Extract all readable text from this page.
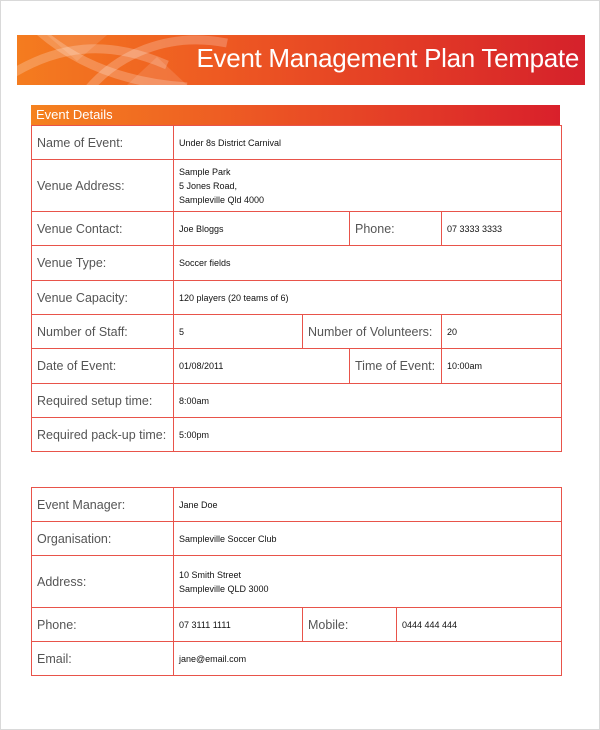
Event Management Plan Tempate
Event Details
Name of Event:	Under 8s District Carnival			
Venue Address:	Sample Park
5 Jones Road,
Sampleville Qld 4000			

Venue Contact:	Joe Bloggs		Phone:	07 3333 3333
Venue Type:	Soccer fields			
Venue Capacity:	120 players (20 teams of 6)			
Number of Staff:	5	Number of Volunteers:		20
Date of Event:	01/08/2011		Time of Event:	10:00am
Required setup time:	8:00am			
Required pack-up time:	5:00pm			
Event Manager:	Jane Doe		
Organisation:	Sampleville Soccer Club		
Address:	10 Smith Street
Sampleville QLD 3000		

Phone:	07 3111 1111	Mobile:	0444 444 444
Email:	jane@email.com		
